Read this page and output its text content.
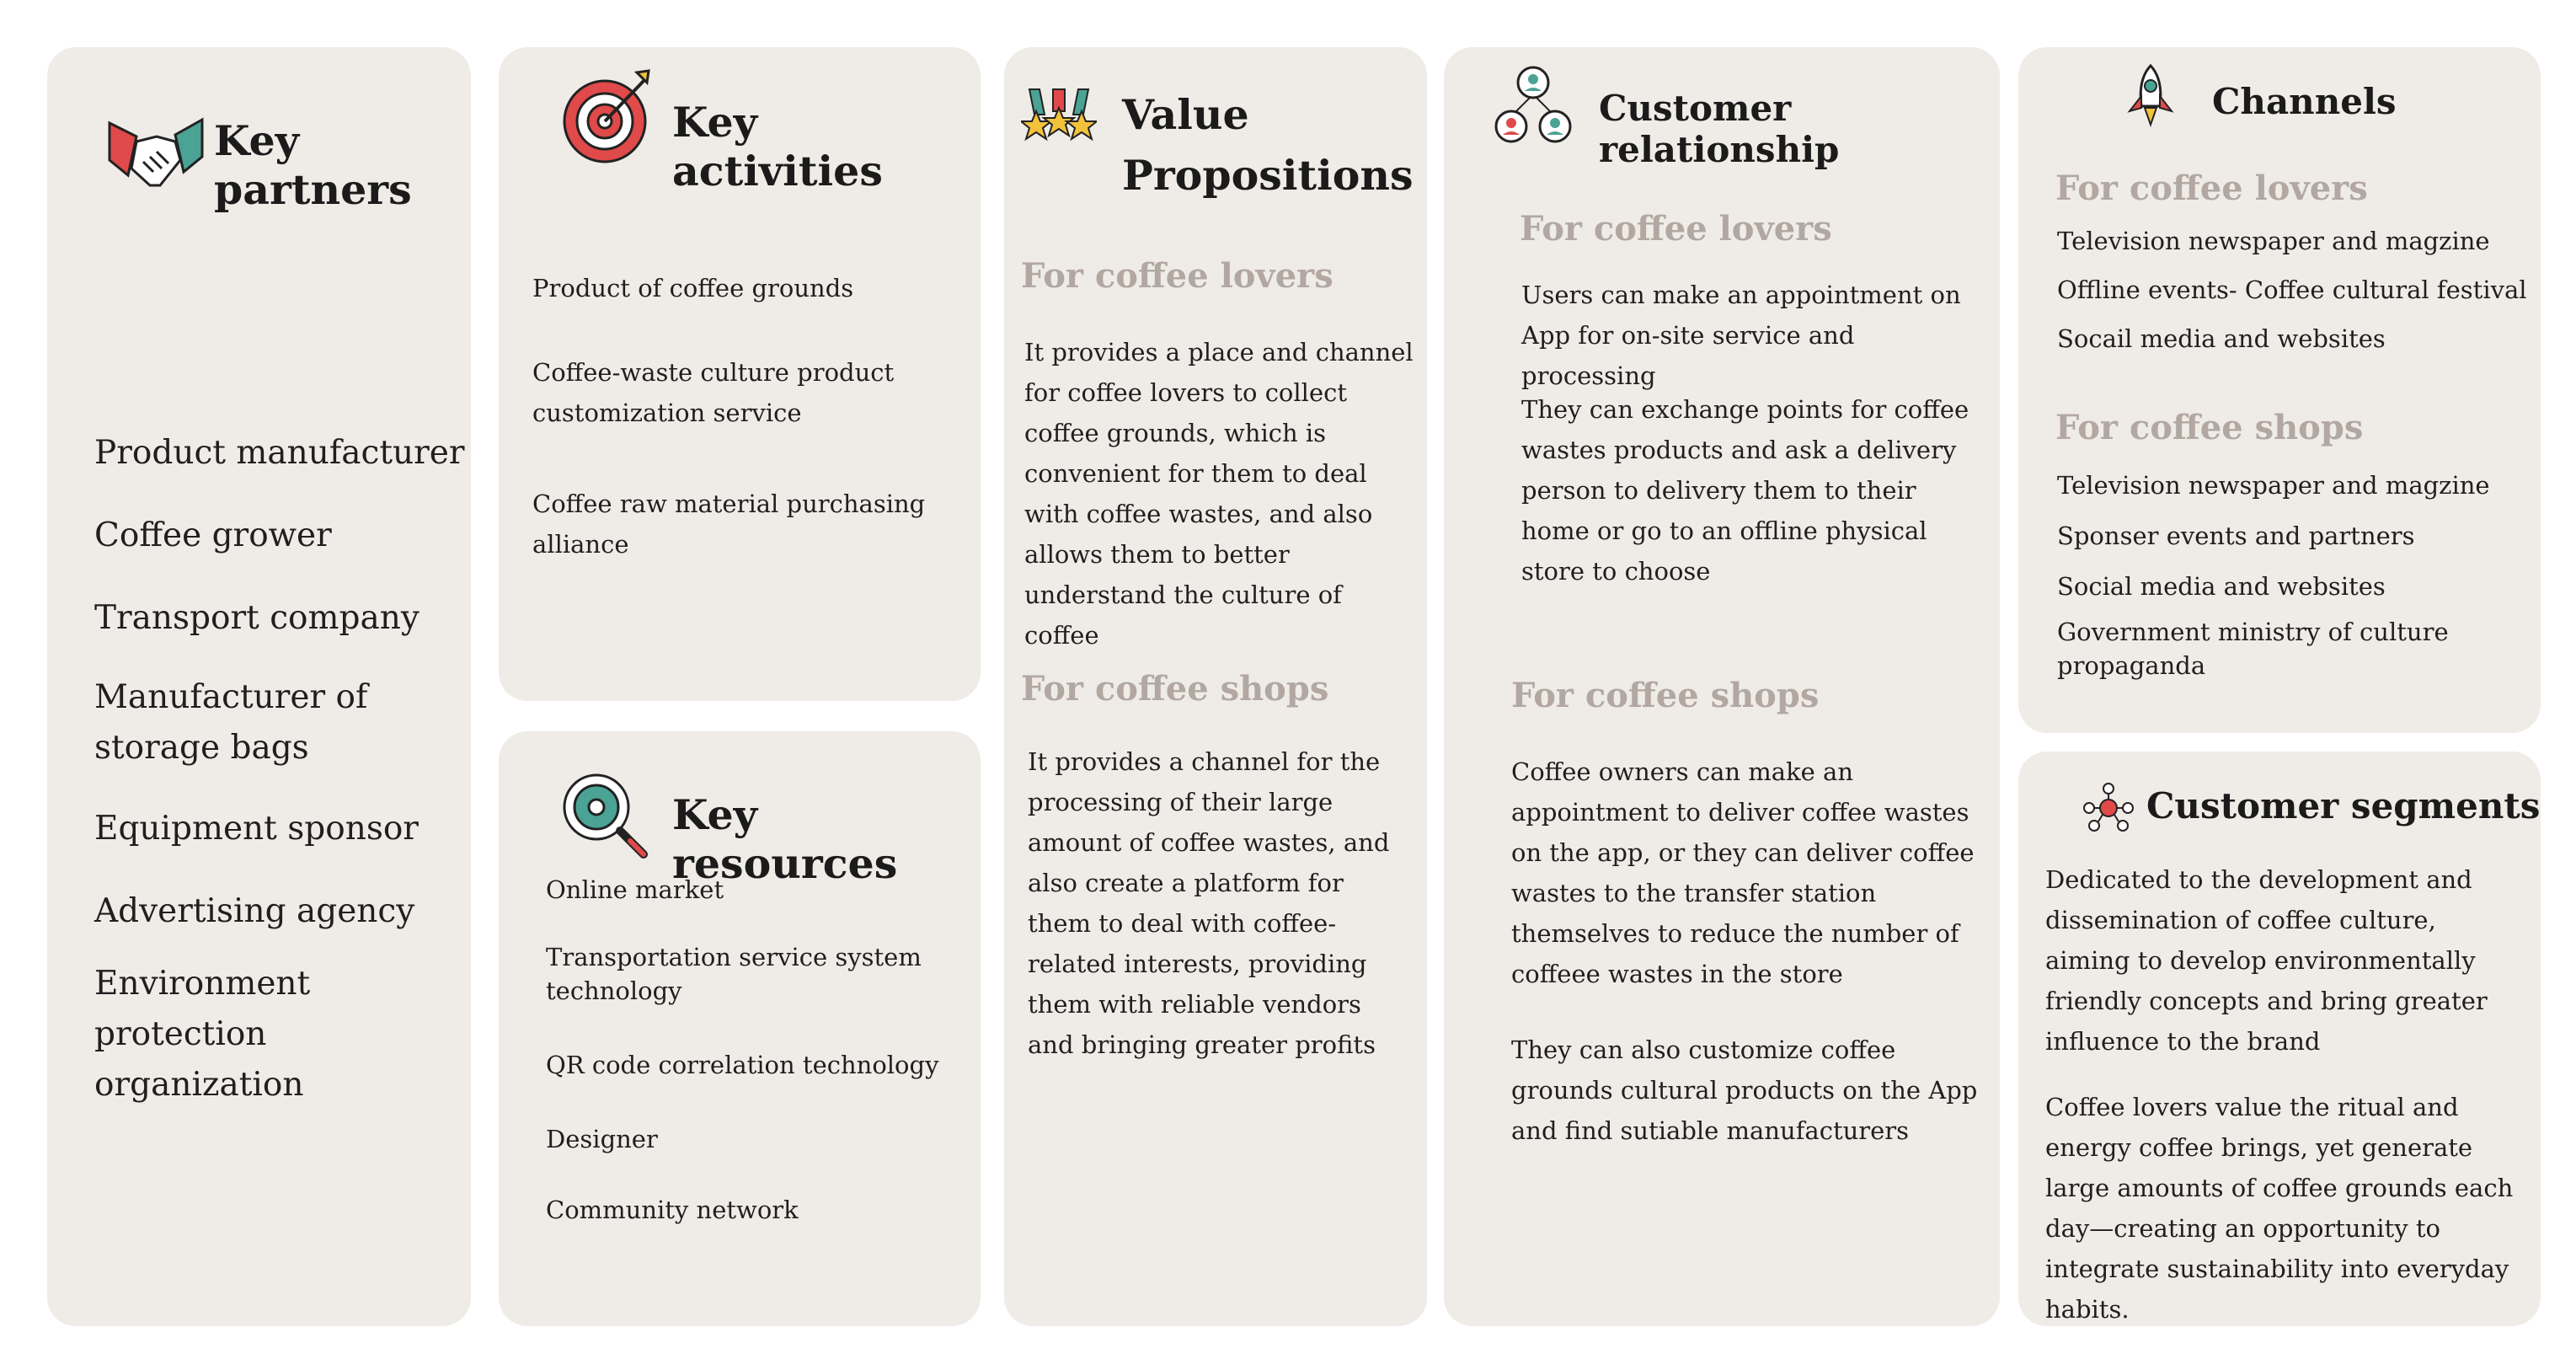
Key partners

Product manufacturer

Coffee grower

Transport company

Manufacturer of storage bags

Equipment sponsor

Advertising agency

Environment protection organization

Key activities

Product of coffee grounds

Coffee-waste culture product customization service

Coffee raw material purchasing alliance

Key resources

Online market

Transportation service system technology

QR code correlation technology

Designer

Community network

Value Propositions
For coffee lovers

It provides a place and channel for coffee lovers to collect coffee grounds, which is convenient for them to deal with coffee wastes, and also allows them to better understand the culture of coffee

For coffee shops

It provides a channel for the processing of their large amount of coffee wastes, and also create a platform for them to deal with coffee-related interests, providing them with reliable vendors and bringing greater profits

Customer relationship
For coffee lovers

Users can make an appointment on App for on-site service and processing

They can exchange points for coffee wastes products and ask a delivery person to delivery them to their home or go to an offline physical store to choose

For coffee shops

Coffee owners can make an appointment to deliver coffee wastes on the app, or they can deliver coffee wastes to the transfer station themselves to reduce the number of coffeee wastes in the store

They can also customize coffee grounds cultural products on the App and find sutiable manufacturers

Channels
For coffee lovers

Television newspaper and magzine

Offline events- Coffee cultural festival

Socail media and websites

For coffee shops

Television newspaper and magzine

Sponser events and partners

Social media and websites

Government ministry of culture propaganda

Customer segments

Dedicated to the development and dissemination of coffee culture, aiming to develop environmentally friendly concepts and bring greater influence to the brand

Coffee lovers value the ritual and energy coffee brings, yet generate large amounts of coffee grounds each day—creating an opportunity to integrate sustainability into everyday habits.
